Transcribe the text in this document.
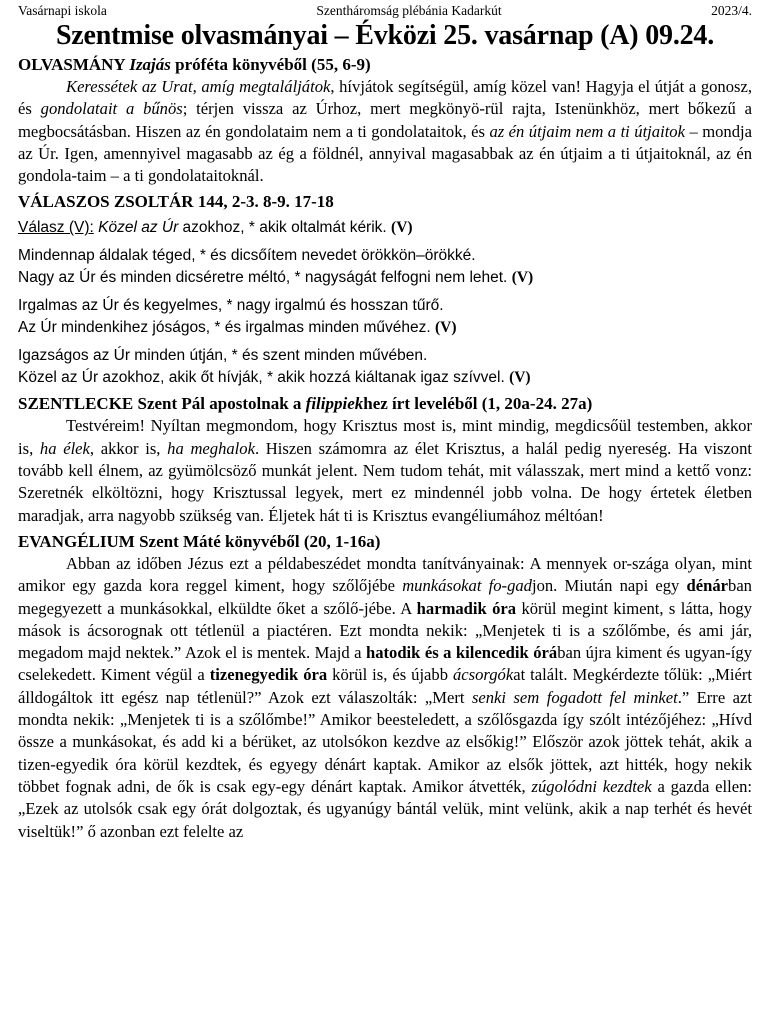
Vasárnapi iskola	Szentháromság plébánia Kadarkút	2023/4.
Szentmise olvasmányai – Évközi 25. vasárnap (A) 09.24.
OLVASMÁNY Izajás próféta könyvéből (55, 6-9)

Keressétek az Urat, amíg megtaláljátok, hívjátok segítségül, amíg közel van! Hagyja el útját a gonosz, és gondolatait a bűnös; térjen vissza az Úrhoz, mert megkönyö-rül rajta, Istenünkhöz, mert bőkezű a megbocsátásban. Hiszen az én gondolataim nem a ti gondolataitok, és az én útjaim nem a ti útjaitok – mondja az Úr. Igen, amennyivel magasabb az ég a földnél, annyival magasabbak az én útjaim a ti útjaitoknál, az én gondola-taim – a ti gondolataitoknál.

VÁLASZOS ZSOLTÁR 144, 2-3. 8-9. 17-18
Válasz (V): Közel az Úr azokhoz, * akik oltalmát kérik. (V)
Mindennap áldalak téged, * és dicsőítem nevedet örökkön–örökké.
Nagy az Úr és minden dicséretre méltó, * nagyságát felfogni nem lehet. (V)
Irgalmas az Úr és kegyelmes, * nagy irgalmú és hosszan tűrő.
Az Úr mindenkihez jóságos, * és irgalmas minden művéhez. (V)
Igazságos az Úr minden útján, * és szent minden művében.
Közel az Úr azokhoz, akik őt hívják, * akik hozzá kiáltanak igaz szívvel. (V)
SZENTLECKE Szent Pál apostolnak a filippiekhez írt leveléből (1, 20a-24. 27a)

Testvéreim! Nyíltan megmondom, hogy Krisztus most is, mint mindig, megdicsőül testemben, akkor is, ha élek, akkor is, ha meghalok. Hiszen számomra az élet Krisztus, a halál pedig nyereség. Ha viszont tovább kell élnem, az gyümölcsöző munkát jelent. Nem tudom tehát, mit válasszak, mert mind a kettő vonz: Szeretnék elköltözni, hogy Krisztussal legyek, mert ez mindennél jobb volna. De hogy értetek életben maradjak, arra nagyobb szükség van. Éljetek hát ti is Krisztus evangéliumához méltóan!

EVANGÉLIUM Szent Máté könyvéből (20, 1-16a)

Abban az időben Jézus ezt a példabeszédet mondta tanítványainak: A mennyek or-szága olyan, mint amikor egy gazda kora reggel kiment, hogy szőlőjébe munkásokat fo-gadjon. Miután napi egy dénárban megegyezett a munkásokkal, elküldte őket a szőlő-jébe. A harmadik óra körül megint kiment, s látta, hogy mások is ácsorognak ott tétlenül a piactéren. Ezt mondta nekik: „Menjetek ti is a szőlőmbe, és ami jár, megadom majd nektek.” Azok el is mentek. Majd a hatodik és a kilencedik órában újra kiment és ugyan-így cselekedett. Kiment végül a tizenegyedik óra körül is, és újabb ácsorgókat talált. Megkérdezte tőlük: „Miért álldogáltok itt egész nap tétlenül?” Azok ezt válaszolták: „Mert senki sem fogadott fel minket.” Erre azt mondta nekik: „Menjetek ti is a szőlőmbe!” Amikor beesteledett, a szőlősgazda így szólt intézőjéhez: „Hívd össze a munkásokat, és add ki a bérüket, az utolsókon kezdve az elsőkig!” Először azok jöttek tehát, akik a tizen-egyedik óra körül kezdtek, és egyegy dénárt kaptak. Amikor az elsők jöttek, azt hitték, hogy nekik többet fognak adni, de ők is csak egy-egy dénárt kaptak. Amikor átvették, zúgolódni kezdtek a gazda ellen: „Ezek az utolsók csak egy órát dolgoztak, és ugyanúgy bántál velük, mint velünk, akik a nap terhét és hevét viseltük!” ő azonban ezt felelte az
